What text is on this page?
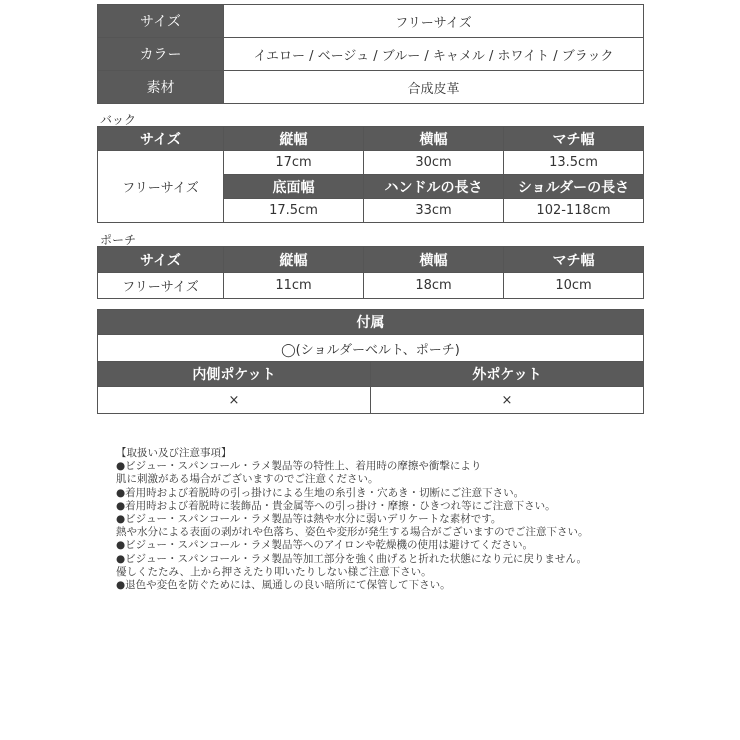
サイズ	フリーサイズ
カラー	イエロー / ベージュ / ブルー / キャメル / ホワイト / ブラック
素材	合成皮革
バック
サイズ	縦幅	横幅	マチ幅
フリーサイズ	17cm	30cm	13.5cm
	底面幅	ハンドルの長さ	ショルダーの長さ
	17.5cm	33cm	102-118cm
ポーチ
サイズ	縦幅	横幅	マチ幅
フリーサイズ	11cm	18cm	10cm
付属	
◯(ショルダーベルト、ポーチ)	
内側ポケット	外ポケット
×	×
【取扱い及び注意事項】
●ビジュー・スパンコール・ラメ製品等の特性上、着用時の摩擦や衝撃により
肌に刺激がある場合がございますのでご注意ください。
●着用時および着脱時の引っ掛けによる生地の糸引き・穴あき・切断にご注意下さい。
●着用時および着脱時に装飾品・貴金属等への引っ掛け・摩擦・ひきつれ等にご注意下さい。
●ビジュー・スパンコール・ラメ製品等は熱や水分に弱いデリケートな素材です。
熱や水分による表面の剥がれや色落ち、姿色や変形が発生する場合がございますのでご注意下さい。
●ビジュー・スパンコール・ラメ製品等へのアイロンや乾燥機の使用は避けてください。
●ビジュー・スパンコール・ラメ製品等加工部分を強く曲げると折れた状態になり元に戻りません。
優しくたたみ、上から押さえたり叩いたりしない様ご注意下さい。
●退色や変色を防ぐためには、風通しの良い暗所にて保管して下さい。
